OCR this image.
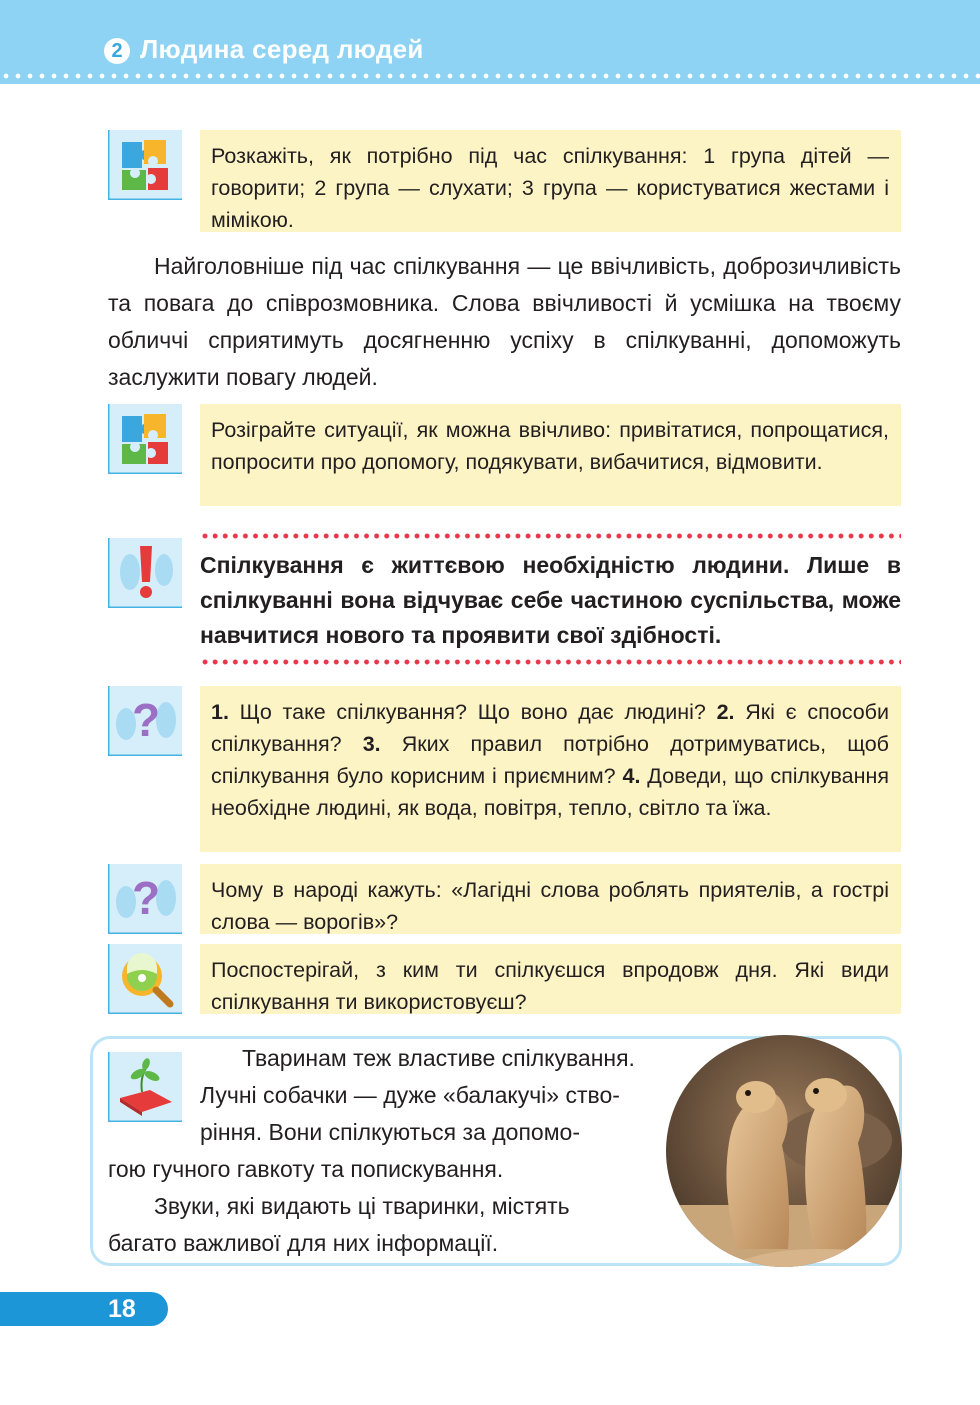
2 Людина серед людей

Розкажіть, як потрібно під час спілкування: 1 група дітей — говорити; 2 група — слухати; 3 група — користуватися жестами і мімікою.

Найголовніше під час спілкування — це ввічливість, доброзичливість та повага до співрозмовника. Слова ввічливості й усмішка на твоєму обличчі сприятимуть досягненню успіху в спілкуванні, допоможуть заслужити повагу людей.

Розіграйте ситуації, як можна ввічливо: привітатися, попрощатися, попросити про допомогу, подякувати, вибачитися, відмовити.

Спілкування є життєвою необхідністю людини. Лише в спілкуванні вона відчуває себе частиною суспільства, може навчитися нового та проявити свої здібності.
? 1. Що таке спілкування? Що воно дає людині? 2. Які є способи спілкування? 3. Яких правил потрібно дотримуватись, щоб спілкування було корисним і приємним? 4. Доведи, що спілкування необхідне людині, як вода, повітря, тепло, світло та їжа.

? Чому в народі кажуть: «Лагідні слова роблять приятелів, а гострі слова — ворогів»?

Поспостерігай, з ким ти спілкуєшся впродовж дня. Які види спілкування ти використовуєш?

Тваринам теж властиве спілкування.
Лучні собачки — дуже «балакучі» ство-
ріння. Вони спілкуються за допомо-
гою гучного гавкоту та попискування.
Звуки, які видають ці тваринки, містять
багато важливої для них інформації.
18
